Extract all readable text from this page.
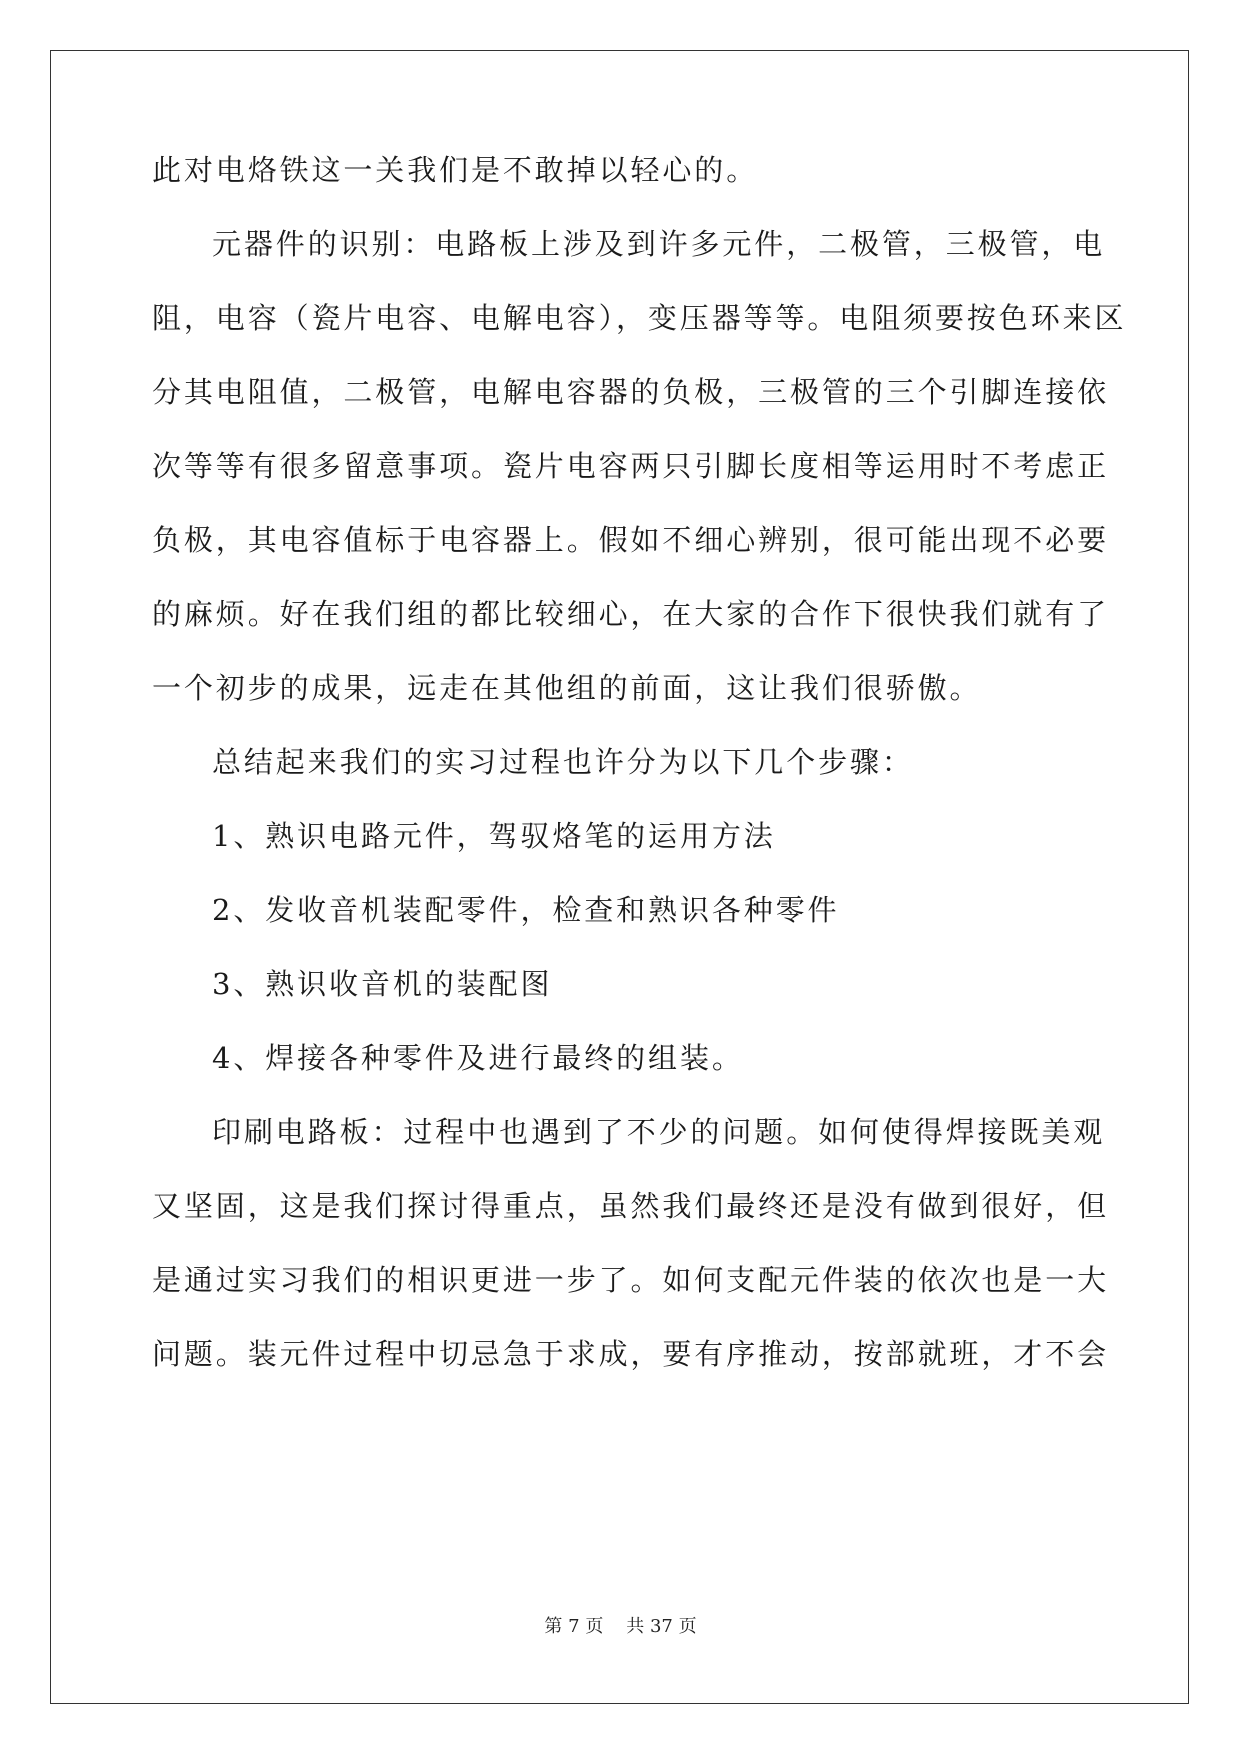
此对电烙铁这一关我们是不敢掉以轻心的。

元器件的识别：电路板上涉及到许多元件，二极管，三极管，电

阻，电容（瓷片电容、电解电容），变压器等等。电阻须要按色环来区

分其电阻值，二极管，电解电容器的负极，三极管的三个引脚连接依

次等等有很多留意事项。瓷片电容两只引脚长度相等运用时不考虑正

负极，其电容值标于电容器上。假如不细心辨别，很可能出现不必要

的麻烦。好在我们组的都比较细心，在大家的合作下很快我们就有了

一个初步的成果，远走在其他组的前面，这让我们很骄傲。

总结起来我们的实习过程也许分为以下几个步骤：

1、熟识电路元件，驾驭烙笔的运用方法

2、发收音机装配零件，检查和熟识各种零件

3、熟识收音机的装配图

4、焊接各种零件及进行最终的组装。

印刷电路板：过程中也遇到了不少的问题。如何使得焊接既美观

又坚固，这是我们探讨得重点，虽然我们最终还是没有做到很好，但

是通过实习我们的相识更进一步了。如何支配元件装的依次也是一大

问题。装元件过程中切忌急于求成，要有序推动，按部就班，才不会

第 7 页 共 37 页
